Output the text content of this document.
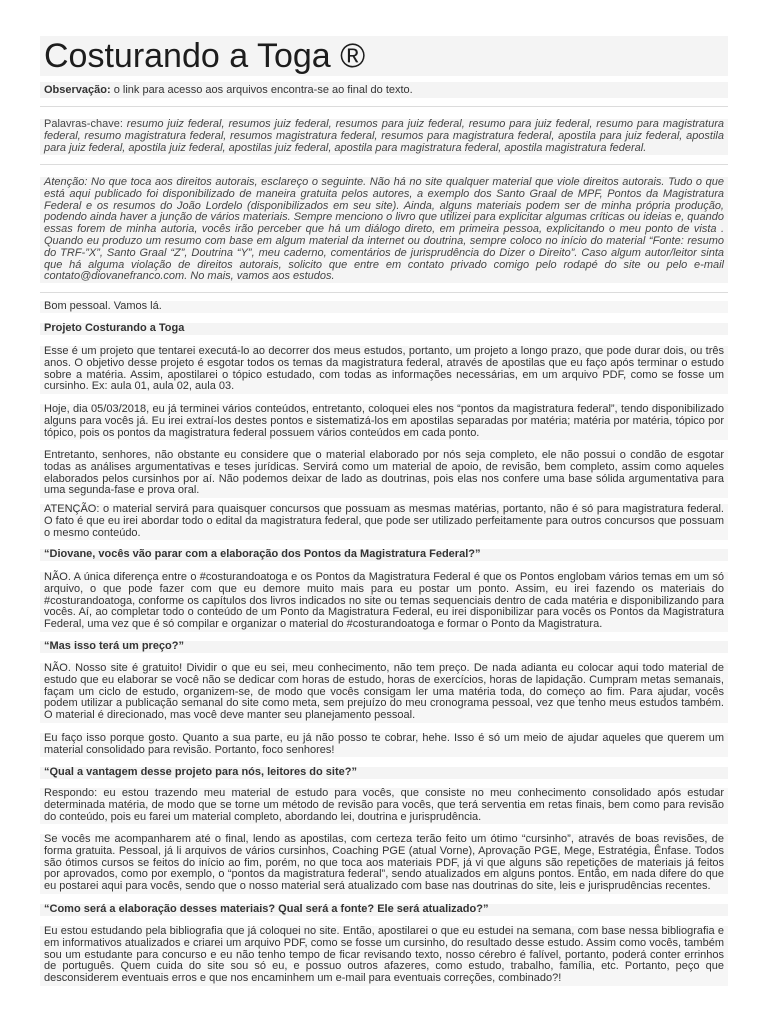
Costurando a Toga ®
Observação: o link para acesso aos arquivos encontra-se ao final do texto.
Palavras-chave: resumo juiz federal, resumos juiz federal, resumos para juiz federal, resumo para juiz federal, resumo para magistratura federal, resumo magistratura federal, resumos magistratura federal, resumos para magistratura federal, apostila para juiz federal, apostila para juiz federal, apostila juiz federal, apostilas juiz federal, apostila para magistratura federal, apostila magistratura federal.
Atenção: No que toca aos direitos autorais, esclareço o seguinte. Não há no site qualquer material que viole direitos autorais. Tudo o que está aqui publicado foi disponibilizado de maneira gratuita pelos autores, a exemplo dos Santo Graal de MPF, Pontos da Magistratura Federal e os resumos do João Lordelo (disponibilizados em seu site). Ainda, alguns materiais podem ser de minha própria produção, podendo ainda haver a junção de vários materiais. Sempre menciono o livro que utilizei para explicitar algumas críticas ou ideias e, quando essas forem de minha autoria, vocês irão perceber que há um diálogo direto, em primeira pessoa, explicitando o meu ponto de vista . Quando eu produzo um resumo com base em algum material da internet ou doutrina, sempre coloco no início do material “Fonte: resumo do TRF-”X”, Santo Graal “Z”, Doutrina “Y”, meu caderno, comentários de jurisprudência do Dizer o Direito”. Caso algum autor/leitor sinta que há alguma violação de direitos autorais, solicito que entre em contato privado comigo pelo rodapé do site ou pelo e-mail contato@diovanefranco.com. No mais, vamos aos estudos.
Bom pessoal. Vamos lá.
Projeto Costurando a Toga
Esse é um projeto que tentarei executá-lo ao decorrer dos meus estudos, portanto, um projeto a longo prazo, que pode durar dois, ou três anos. O objetivo desse projeto é esgotar todos os temas da magistratura federal, através de apostilas que eu faço após terminar o estudo sobre a matéria. Assim, apostilarei o tópico estudado, com todas as informações necessárias, em um arquivo PDF, como se fosse um cursinho. Ex: aula 01, aula 02, aula 03.
Hoje, dia 05/03/2018, eu já terminei vários conteúdos, entretanto, coloquei eles nos “pontos da magistratura federal”, tendo disponibilizado alguns para vocês já. Eu irei extraí-los destes pontos e sistematizá-los em apostilas separadas por matéria; matéria por matéria, tópico por tópico, pois os pontos da magistratura federal possuem vários conteúdos em cada ponto.
Entretanto, senhores, não obstante eu considere que o material elaborado por nós seja completo, ele não possui o condão de esgotar todas as análises argumentativas e teses jurídicas. Servirá como um material de apoio, de revisão, bem completo, assim como aqueles elaborados pelos cursinhos por aí. Não podemos deixar de lado as doutrinas, pois elas nos confere uma base sólida argumentativa para uma segunda-fase e prova oral.
ATENÇÃO: o material servirá para quaisquer concursos que possuam as mesmas matérias, portanto, não é só para magistratura federal. O fato é que eu irei abordar todo o edital da magistratura federal, que pode ser utilizado perfeitamente para outros concursos que possuam o mesmo conteúdo.
“Diovane, vocês vão parar com a elaboração dos Pontos da Magistratura Federal?”
NÃO. A única diferença entre o #costurandoatoga e os Pontos da Magistratura Federal é que os Pontos englobam vários temas em um só arquivo, o que pode fazer com que eu demore muito mais para eu postar um ponto. Assim, eu irei fazendo os materiais do #costurandoatoga, conforme os capítulos dos livros indicados no site ou temas sequenciais dentro de cada matéria e disponibilizando para vocês. Aí, ao completar todo o conteúdo de um Ponto da Magistratura Federal, eu irei disponibilizar para vocês os Pontos da Magistratura Federal, uma vez que é só compilar e organizar o material do #costurandoatoga e formar o Ponto da Magistratura.
“Mas isso terá um preço?”
NÃO. Nosso site é gratuito! Dividir o que eu sei, meu conhecimento, não tem preço. De nada adianta eu colocar aqui todo material de estudo que eu elaborar se você não se dedicar com horas de estudo, horas de exercícios, horas de lapidação. Cumpram metas semanais, façam um ciclo de estudo, organizem-se, de modo que vocês consigam ler uma matéria toda, do começo ao fim. Para ajudar, vocês podem utilizar a publicação semanal do site como meta, sem prejuízo do meu cronograma pessoal, vez que tenho meus estudos também. O material é direcionado, mas você deve manter seu planejamento pessoal.
Eu faço isso porque gosto. Quanto a sua parte, eu já não posso te cobrar, hehe. Isso é só um meio de ajudar aqueles que querem um material consolidado para revisão. Portanto, foco senhores!
“Qual a vantagem desse projeto para nós, leitores do site?”
Respondo: eu estou trazendo meu material de estudo para vocês, que consiste no meu conhecimento consolidado após estudar determinada matéria, de modo que se torne um método de revisão para vocês, que terá serventia em retas finais, bem como para revisão do conteúdo, pois eu farei um material completo, abordando lei, doutrina e jurisprudência.
Se vocês me acompanharem até o final, lendo as apostilas, com certeza terão feito um ótimo “cursinho”, através de boas revisões, de forma gratuita. Pessoal, já li arquivos de vários cursinhos, Coaching PGE (atual Vorne), Aprovação PGE, Mege, Estratégia, Ênfase. Todos são ótimos cursos se feitos do início ao fim, porém, no que toca aos materiais PDF, já vi que alguns são repetições de materiais já feitos por aprovados, como por exemplo, o “pontos da magistratura federal”, sendo atualizados em alguns pontos. Então, em nada difere do que eu postarei aqui para vocês, sendo que o nosso material será atualizado com base nas doutrinas do site, leis e jurisprudências recentes.
“Como será a elaboração desses materiais? Qual será a fonte? Ele será atualizado?”
Eu estou estudando pela bibliografia que já coloquei no site. Então, apostilarei o que eu estudei na semana, com base nessa bibliografia e em informativos atualizados e criarei um arquivo PDF, como se fosse um cursinho, do resultado desse estudo. Assim como vocês, também sou um estudante para concurso e eu não tenho tempo de ficar revisando texto, nosso cérebro é falível, portanto, poderá conter errinhos de português. Quem cuida do site sou só eu, e possuo outros afazeres, como estudo, trabalho, família, etc. Portanto, peço que desconsiderem eventuais erros e que nos encaminhem um e-mail para eventuais correções, combinado?!
